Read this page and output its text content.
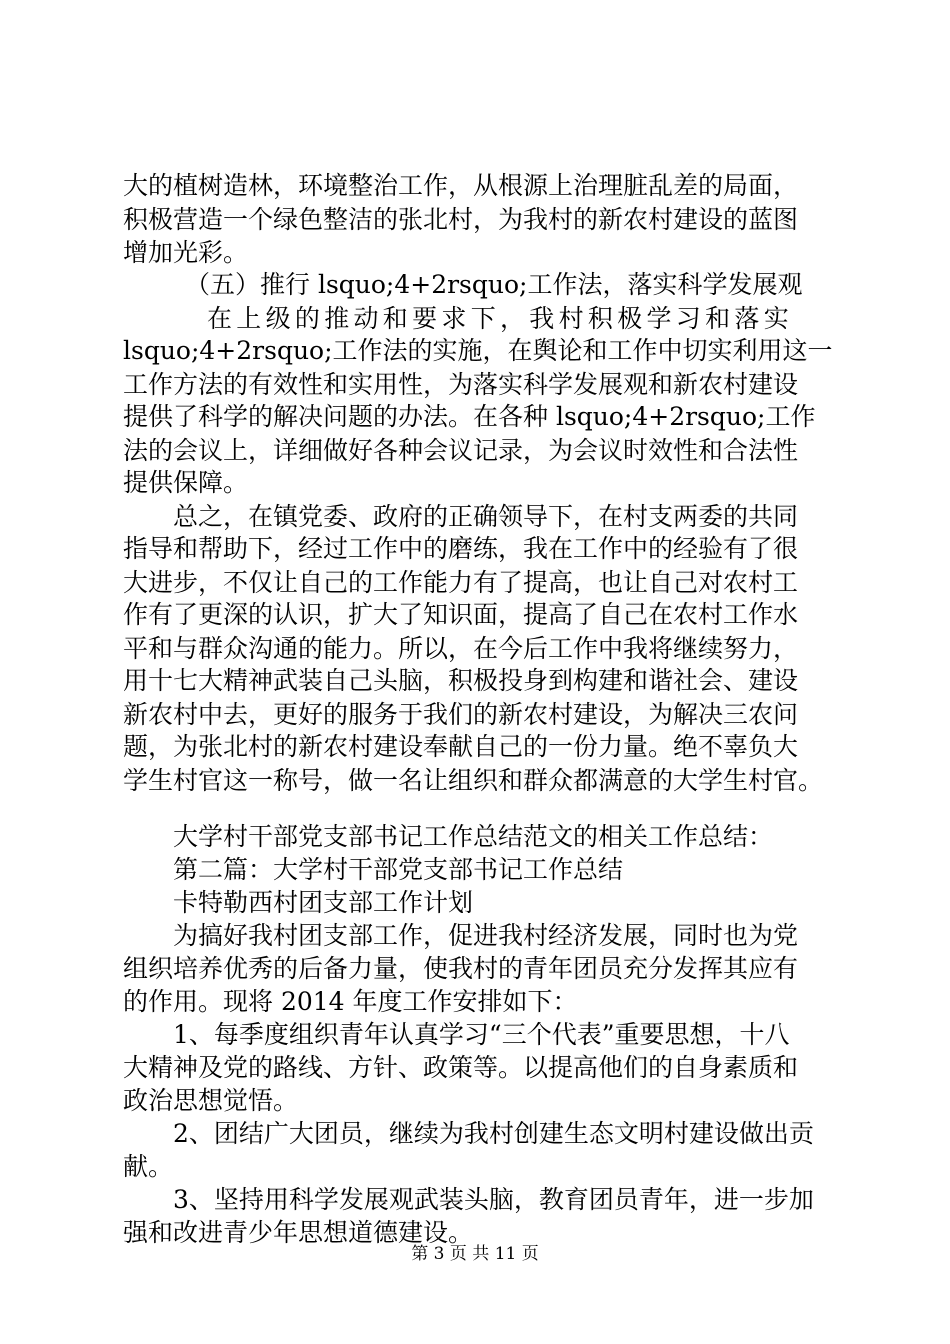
大的植树造林，环境整治工作，从根源上治理脏乱差的局面，
积极营造一个绿色整洁的张北村，为我村的新农村建设的蓝图
增加光彩。
（五）推行 lsquo;4+2rsquo;工作法，落实科学发展观
在上级的推动和要求下，我村积极学习和落实
lsquo;4+2rsquo;工作法的实施，在舆论和工作中切实利用这一
工作方法的有效性和实用性，为落实科学发展观和新农村建设
提供了科学的解决问题的办法。在各种 lsquo;4+2rsquo;工作
法的会议上，详细做好各种会议记录，为会议时效性和合法性
提供保障。
总之，在镇党委、政府的正确领导下，在村支两委的共同
指导和帮助下，经过工作中的磨练，我在工作中的经验有了很
大进步，不仅让自己的工作能力有了提高，也让自己对农村工
作有了更深的认识，扩大了知识面，提高了自己在农村工作水
平和与群众沟通的能力。所以，在今后工作中我将继续努力，
用十七大精神武装自己头脑，积极投身到构建和谐社会、建设
新农村中去，更好的服务于我们的新农村建设，为解决三农问
题，为张北村的新农村建设奉献自己的一份力量。绝不辜负大
学生村官这一称号，做一名让组织和群众都满意的大学生村官。
大学村干部党支部书记工作总结范文的相关工作总结：
第二篇：大学村干部党支部书记工作总结
卡特勒西村团支部工作计划
为搞好我村团支部工作，促进我村经济发展，同时也为党
组织培养优秀的后备力量，使我村的青年团员充分发挥其应有
的作用。现将 2014 年度工作安排如下：
1、每季度组织青年认真学习“三个代表”重要思想，十八
大精神及党的路线、方针、政策等。以提高他们的自身素质和
政治思想觉悟。
2、团结广大团员，继续为我村创建生态文明村建设做出贡
献。
3、坚持用科学发展观武装头脑，教育团员青年，进一步加
强和改进青少年思想道德建设。
第 3 页 共 11 页
